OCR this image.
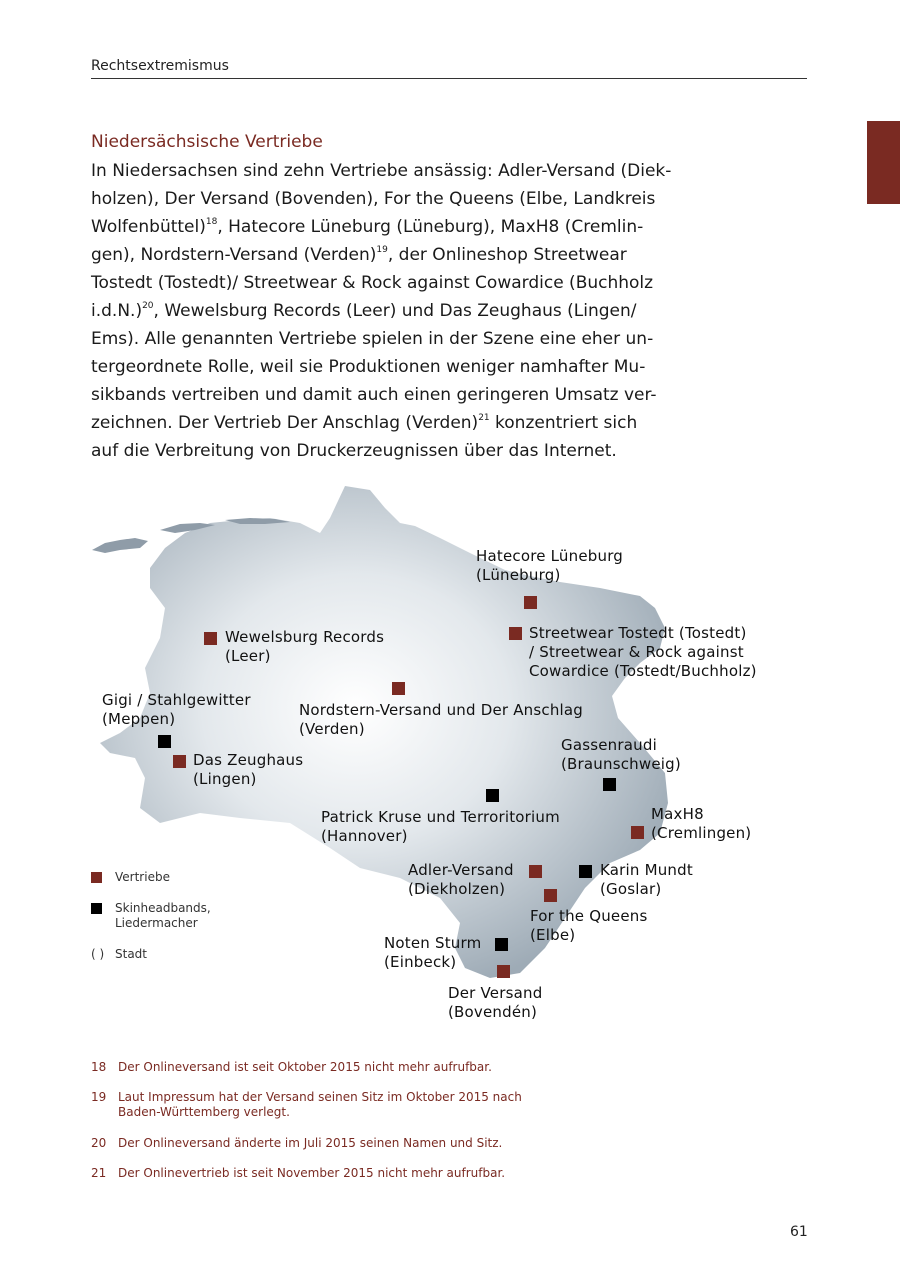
Rechtsextremismus
Niedersächsische Vertriebe
In Niedersachsen sind zehn Vertriebe ansässig: Adler-Versand (Diek-
holzen), Der Versand (Bovenden), For the Queens (Elbe, Landkreis
Wolfenbüttel)$^{18}$, Hatecore Lüneburg (Lüneburg), MaxH8 (Cremlin-
gen), Nordstern-Versand (Verden)$^{19}$, der Onlineshop Streetwear
Tostedt (Tostedt)/ Streetwear & Rock against Cowardice (Buchholz
i.d.N.)$^{20}$, Wewelsburg Records (Leer) und Das Zeughaus (Lingen/
Ems). Alle genannten Vertriebe spielen in der Szene eine eher un-
tergeordnete Rolle, weil sie Produktionen weniger namhafter Mu-
sikbands vertreiben und damit auch einen geringeren Umsatz ver-
zeichnen. Der Vertrieb Der Anschlag (Verden)$^{21}$ konzentriert sich
auf die Verbreitung von Druckerzeugnissen über das Internet.
Hatecore Lüneburg
(Lüneburg)
Streetwear Tostedt (Tostedt)
/ Streetwear & Rock against
Cowardice (Tostedt/Buchholz)
Wewelsburg Records
(Leer)
Gigi / Stahlgewitter
(Meppen)	Nordstern-Versand und Der Anschlag
(Verden)
Das Zeughaus
(Lingen)
Gassenraudi
(Braunschweig)
MaxH8
(Cremlingen)
Patrick Kruse und Terroritorium
(Hannover)
Adler-Versand
(Diekholzen)
Karin Mundt
(Goslar)
For the Queens
(Elbe)
Noten Sturm
(Einbeck)
Der Versand
(Bovendén)
Vertriebe
Skinheadbands,
Liedermacher
( ) Stadt
18 Der Onlineversand ist seit Oktober 2015 nicht mehr aufrufbar.
19 Laut Impressum hat der Versand seinen Sitz im Oktober 2015 nach Baden-Württemberg verlegt.
20 Der Onlineversand änderte im Juli 2015 seinen Namen und Sitz.
21 Der Onlinevertrieb ist seit November 2015 nicht mehr aufrufbar.
61
